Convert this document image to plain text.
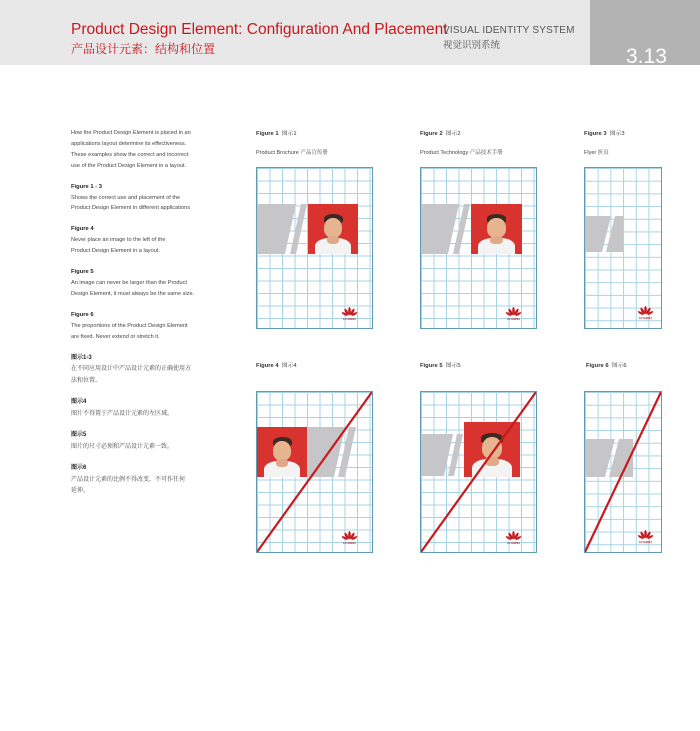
Product Design Element: Configuration And Placement
产品设计元素：结构和位置
VISUAL IDENTITY SYSTEM
视觉识别系统	3.13

How the Product Design Element is placed in an

applications layout determine its effectiveness.

These examples show the correct and incorrect

use of the Product Design Element in a layout.

Figure 1 - 3

Shows the correct use and placement of the

Product Design Element in different applications

Figure 4

Never place an image to the left of the

Product Design Element in a layout.

Figure 5

An image can never be larger than the Product

Design Element, it must always be the same size.

Figure 6

The proportions of the Product Design Element

are fixed. Never extend or stretch it.

图示1-3

在不同应用设计中产品设计元素的正确使用方

法和位置。

图示4

图片不得置于产品设计元素的左区域。

图示5

图片的尺寸必须和产品设计元素一致。

图示6

产品设计元素的比例不得改变，不可作任何

延伸。

Figure 1 图示1
Product Brochure 产品宣传册
Figure 2 图示2
Product Technology 产品技术手册
Figure 3 图示3
Flyer 折页
Figure 4 图示4	Figure 5 图示5	Figure 6 图示6
HUAWEI	HUAWEI	HUAWEI
HUAWEI	HUAWEI	HUAWEI
